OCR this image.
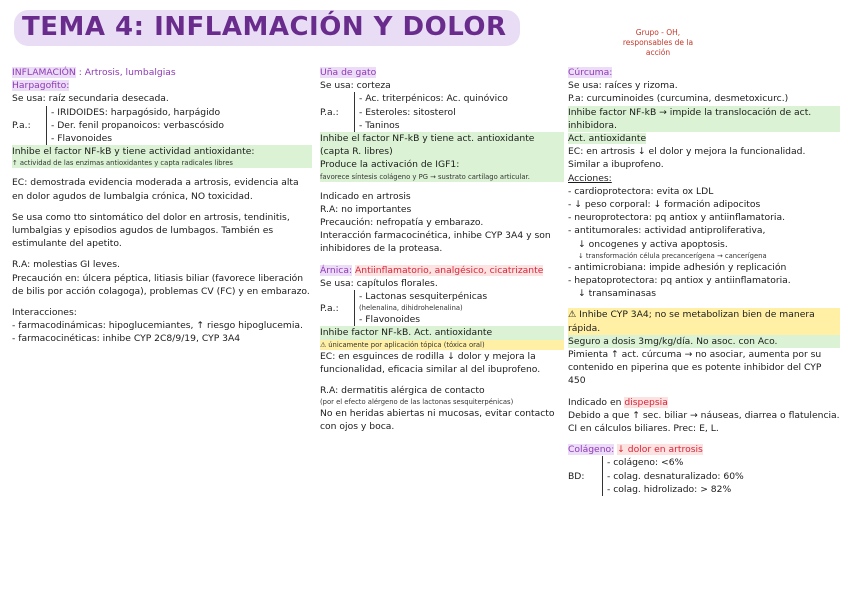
TEMA 4: INFLAMACIÓN Y DOLOR	Grupo - OH, responsables de la acción
INFLAMACIÓN : Artrosis, lumbalgias
Harpagofito:
Se usa: raíz secundaria desecada.
P.a.:
- IRIDOIDES: harpagósido, harpágido
- Der. fenil propanoicos: verbascósido
- Flavonoides
Inhibe el factor NF-kB y tiene actividad antioxidante:
↑ actividad de las enzimas antioxidantes y capta radicales libres
EC: demostrada evidencia moderada a artrosis, evidencia alta en dolor agudos de lumbalgia crónica, NO toxicidad.
Se usa como tto sintomático del dolor en artrosis, tendinitis, lumbalgias y episodios agudos de lumbagos. También es estimulante del apetito.
R.A: molestias GI leves.
Precaución en: úlcera péptica, litiasis biliar (favorece liberación de bilis por acción colagoga), problemas CV (FC) y en embarazo.
Interacciones:
- farmacodinámicas: hipoglucemiantes, ↑ riesgo hipoglucemia.
- farmacocinéticas: inhibe CYP 2C8/9/19, CYP 3A4
Uña de gato
Se usa: corteza
P.a.:
- Ac. triterpénicos: Ac. quinóvico
- Esteroles: sitosterol
- Taninos
Inhibe el factor NF-kB y tiene act. antioxidante (capta R. libres)
Produce la activación de IGF1:
favorece síntesis colágeno y PG → sustrato cartílago articular.
Indicado en artrosis
R.A: no importantes
Precaución: nefropatía y embarazo.
Interacción farmacocinética, inhibe CYP 3A4 y son inhibidores de la proteasa.
Árnica: Antiinflamatorio, analgésico, cicatrizante
Se usa: capítulos florales.
P.a.:
- Lactonas sesquiterpénicas
(helenalina, dihidrohelenalina)
- Flavonoides
Inhibe factor NF-kB. Act. antioxidante
⚠ únicamente por aplicación tópica (tóxica oral)
EC: en esguinces de rodilla ↓ dolor y mejora la funcionalidad, eficacia similar al del ibuprofeno.
R.A: dermatitis alérgica de contacto
(por el efecto alérgeno de las lactonas sesquiterpénicas)
No en heridas abiertas ni mucosas, evitar contacto con ojos y boca.
Cúrcuma:
Se usa: raíces y rizoma.
P.a: curcuminoides (curcumina, desmetoxicurc.)
Inhibe factor NF-kB → impide la translocación de act. inhibidora.
Act. antioxidante
EC: en artrosis ↓ el dolor y mejora la funcionalidad. Similar a ibuprofeno.
Acciones:
- cardioprotectora: evita ox LDL
- ↓ peso corporal: ↓ formación adipocitos
- neuroprotectora: pq antiox y antiinflamatoria.
- antitumorales: actividad antiproliferativa,
↓ oncogenes y activa apoptosis.
↓ transformación célula precancerígena → cancerígena
- antimicrobiana: impide adhesión y replicación
- hepatoprotectora: pq antiox y antiinflamatoria.
↓ transaminasas
⚠ Inhibe CYP 3A4; no se metabolizan bien de manera rápida.
Seguro a dosis 3mg/kg/día. No asoc. con Aco.
Pimienta ↑ act. cúrcuma → no asociar, aumenta por su contenido en piperina que es potente inhibidor del CYP 450
Indicado en dispepsia
Debido a que ↑ sec. biliar → náuseas, diarrea o flatulencia.
CI en cálculos biliares. Prec: E, L.
Colágeno: ↓ dolor en artrosis
BD:
- colágeno: <6%
- colag. desnaturalizado: 60%
- colag. hidrolizado: > 82%
